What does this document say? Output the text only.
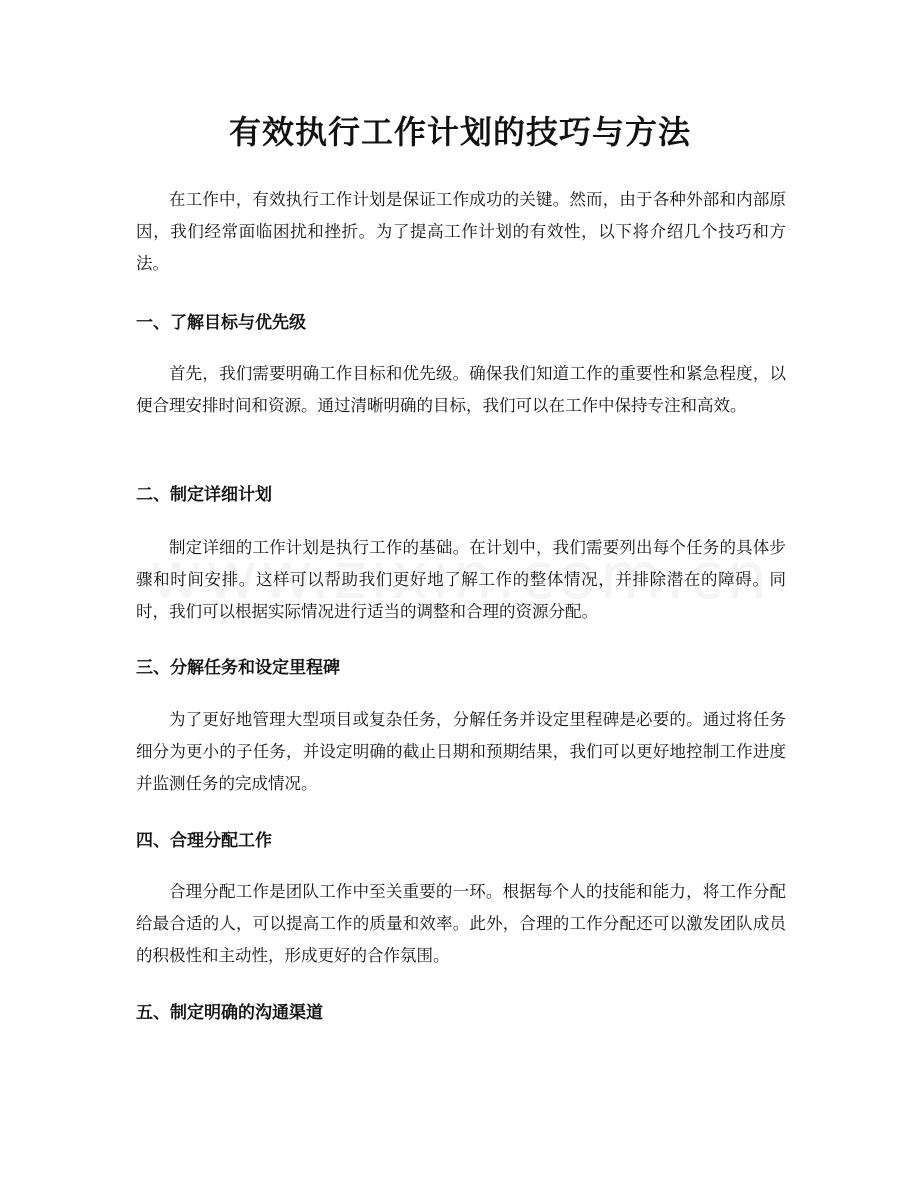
有效执行工作计划的技巧与方法

在工作中，有效执行工作计划是保证工作成功的关键。然而，由于各种外部和内部原因，我们经常面临困扰和挫折。为了提高工作计划的有效性，以下将介绍几个技巧和方法。

一、了解目标与优先级

首先，我们需要明确工作目标和优先级。确保我们知道工作的重要性和紧急程度，以便合理安排时间和资源。通过清晰明确的目标，我们可以在工作中保持专注和高效。

二、制定详细计划

制定详细的工作计划是执行工作的基础。在计划中，我们需要列出每个任务的具体步骤和时间安排。这样可以帮助我们更好地了解工作的整体情况，并排除潜在的障碍。同时，我们可以根据实际情况进行适当的调整和合理的资源分配。

三、分解任务和设定里程碑

为了更好地管理大型项目或复杂任务，分解任务并设定里程碑是必要的。通过将任务细分为更小的子任务，并设定明确的截止日期和预期结果，我们可以更好地控制工作进度并监测任务的完成情况。

四、合理分配工作

合理分配工作是团队工作中至关重要的一环。根据每个人的技能和能力，将工作分配给最合适的人，可以提高工作的质量和效率。此外，合理的工作分配还可以激发团队成员的积极性和主动性，形成更好的合作氛围。

五、制定明确的沟通渠道
